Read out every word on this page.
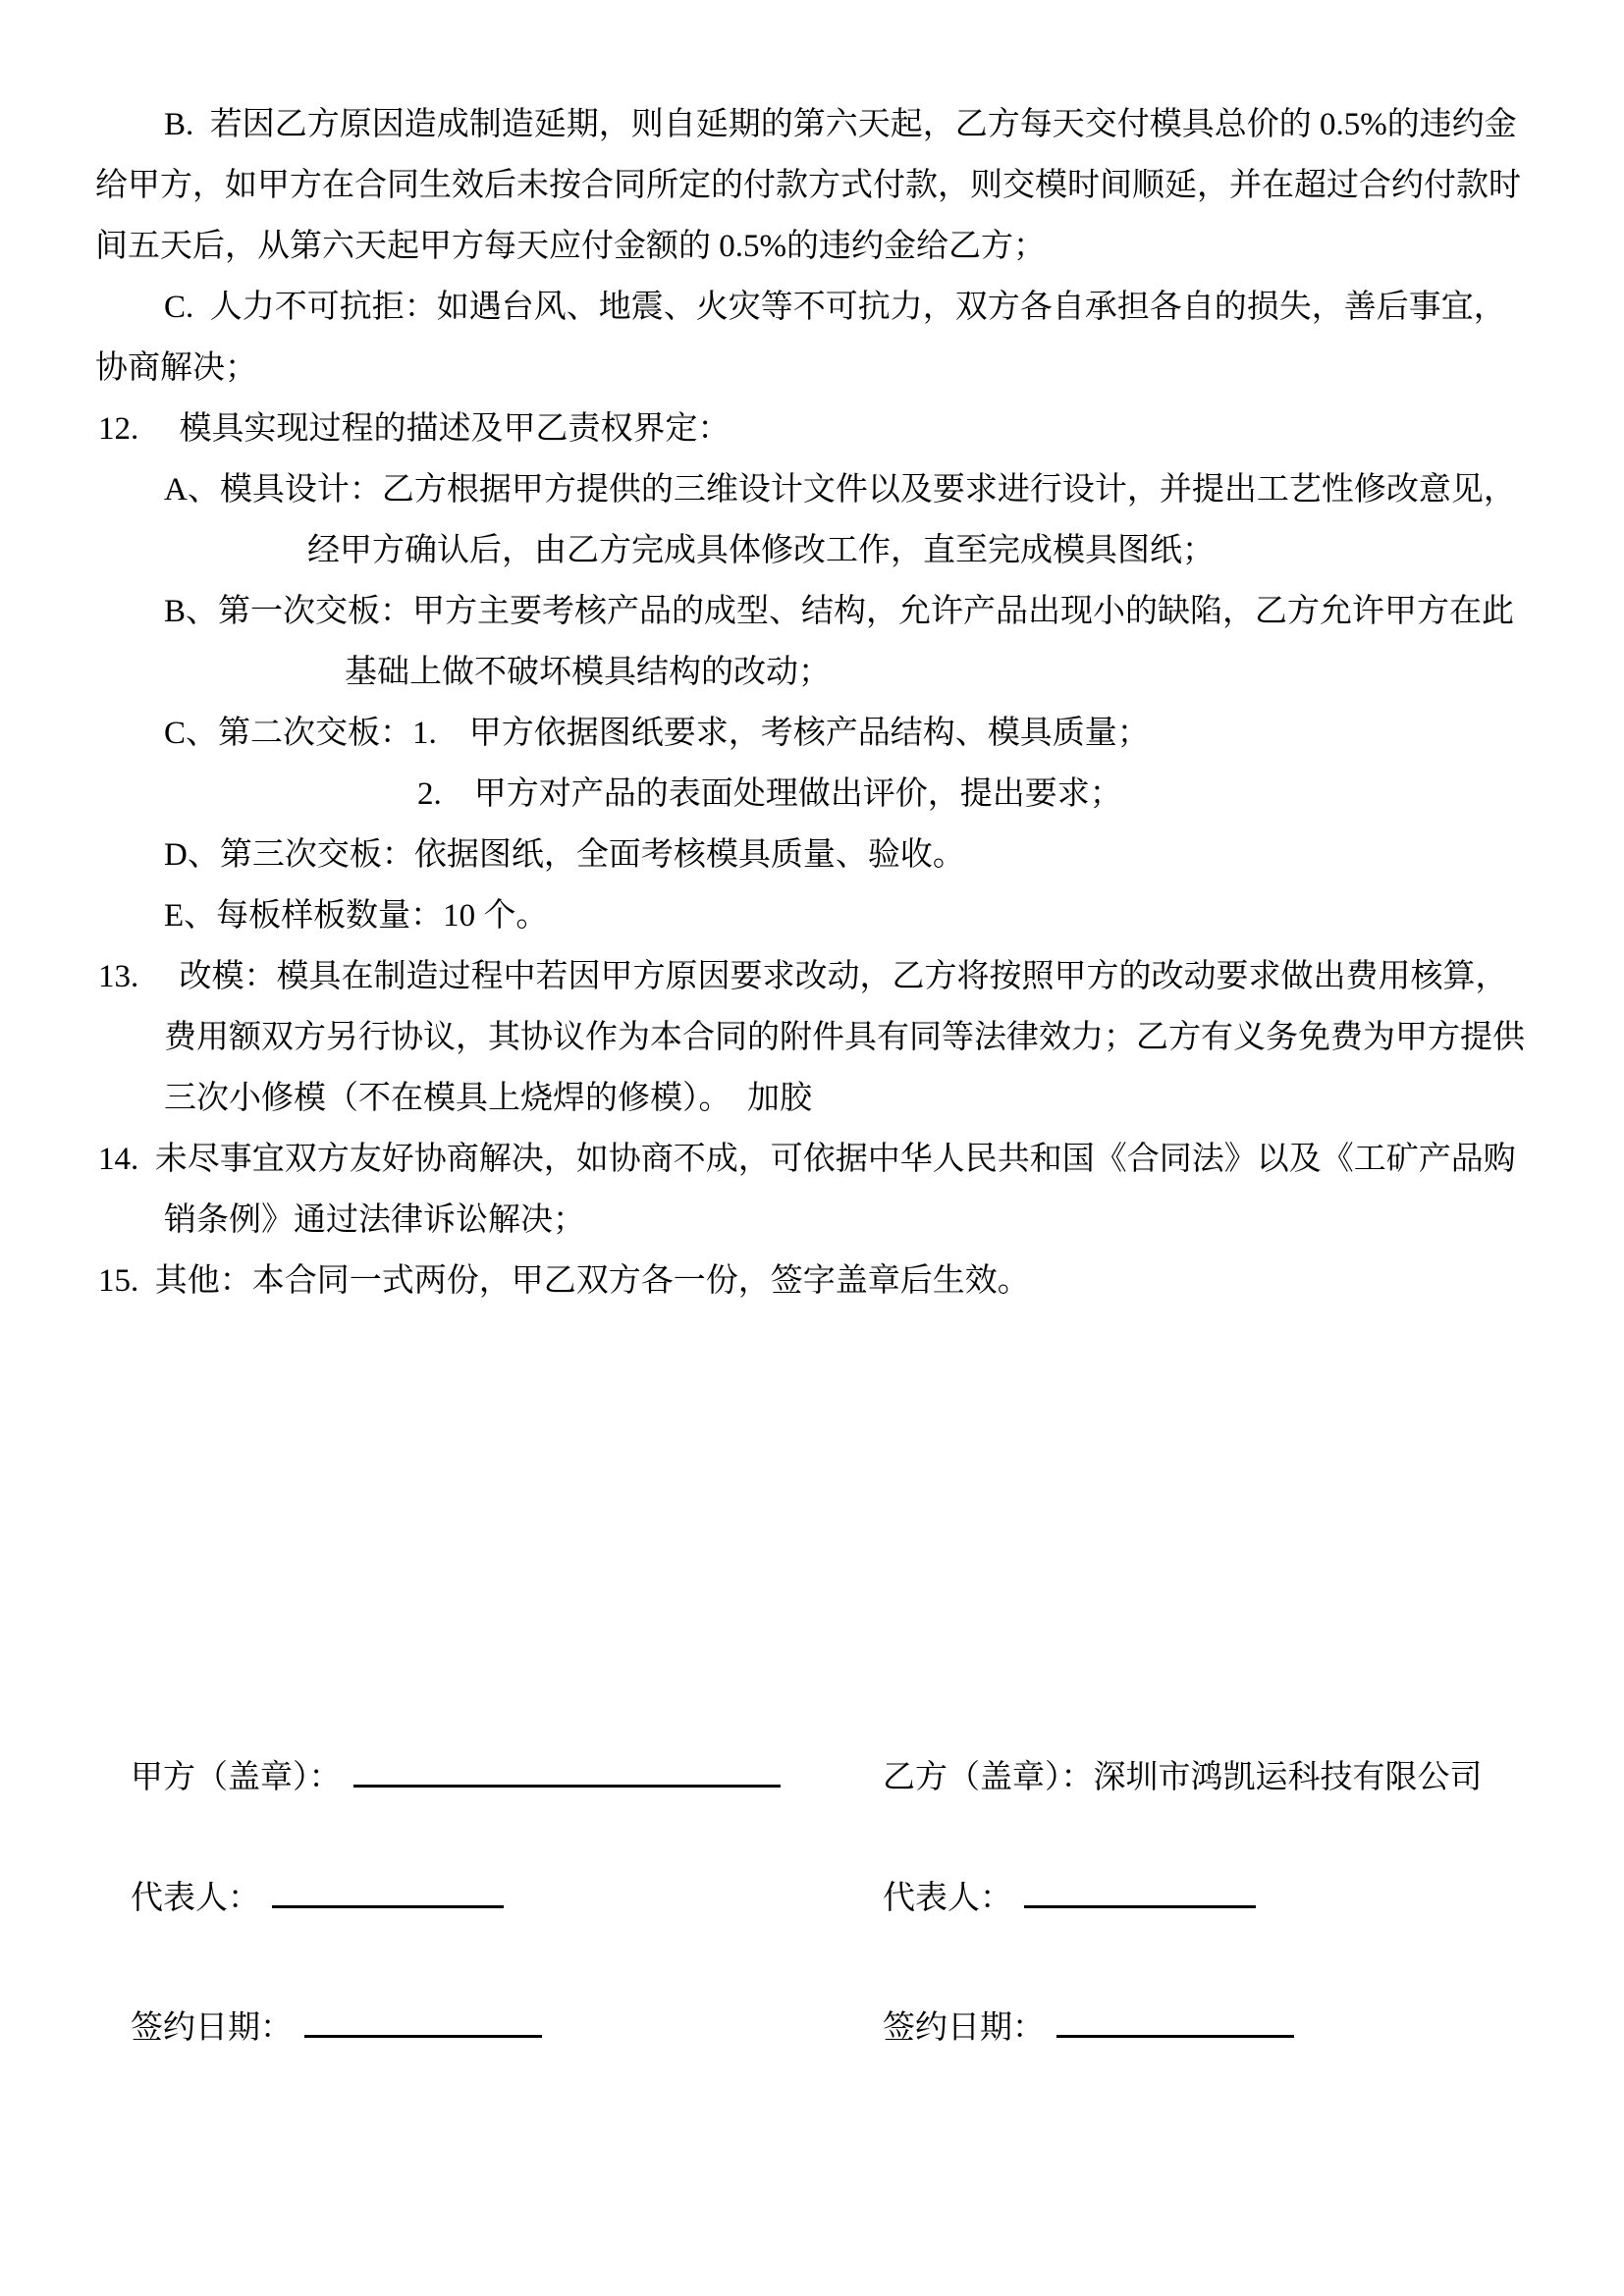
B.  若因乙方原因造成制造延期，则自延期的第六天起，乙方每天交付模具总价的 0.5%的违约金
给甲方，如甲方在合同生效后未按合同所定的付款方式付款，则交模时间顺延，并在超过合约付款时
间五天后，从第六天起甲方每天应付金额的 0.5%的违约金给乙方；
C.  人力不可抗拒：如遇台风、地震、火灾等不可抗力，双方各自承担各自的损失，善后事宜，
协商解决；
12.　 模具实现过程的描述及甲乙责权界定：
A、模具设计：乙方根据甲方提供的三维设计文件以及要求进行设计，并提出工艺性修改意见，
经甲方确认后，由乙方完成具体修改工作，直至完成模具图纸；
B、第一次交板：甲方主要考核产品的成型、结构，允许产品出现小的缺陷，乙方允许甲方在此
基础上做不破坏模具结构的改动；
C、第二次交板：1.　甲方依据图纸要求，考核产品结构、模具质量；
2.　甲方对产品的表面处理做出评价，提出要求；
D、第三次交板：依据图纸，全面考核模具质量、验收。
E、每板样板数量：10 个。
13.　 改模：模具在制造过程中若因甲方原因要求改动，乙方将按照甲方的改动要求做出费用核算，
费用额双方另行协议，其协议作为本合同的附件具有同等法律效力；乙方有义务免费为甲方提供
三次小修模（不在模具上烧焊的修模）。  加胶
14.  未尽事宜双方友好协商解决，如协商不成，可依据中华人民共和国《合同法》以及《工矿产品购
销条例》通过法律诉讼解决；
15.  其他：本合同一式两份，甲乙双方各一份，签字盖章后生效。

甲方（盖章）：
	乙方（盖章）：深圳市鸿凯运科技有限公司

代表人：
	代表人：

签约日期：
	签约日期：
